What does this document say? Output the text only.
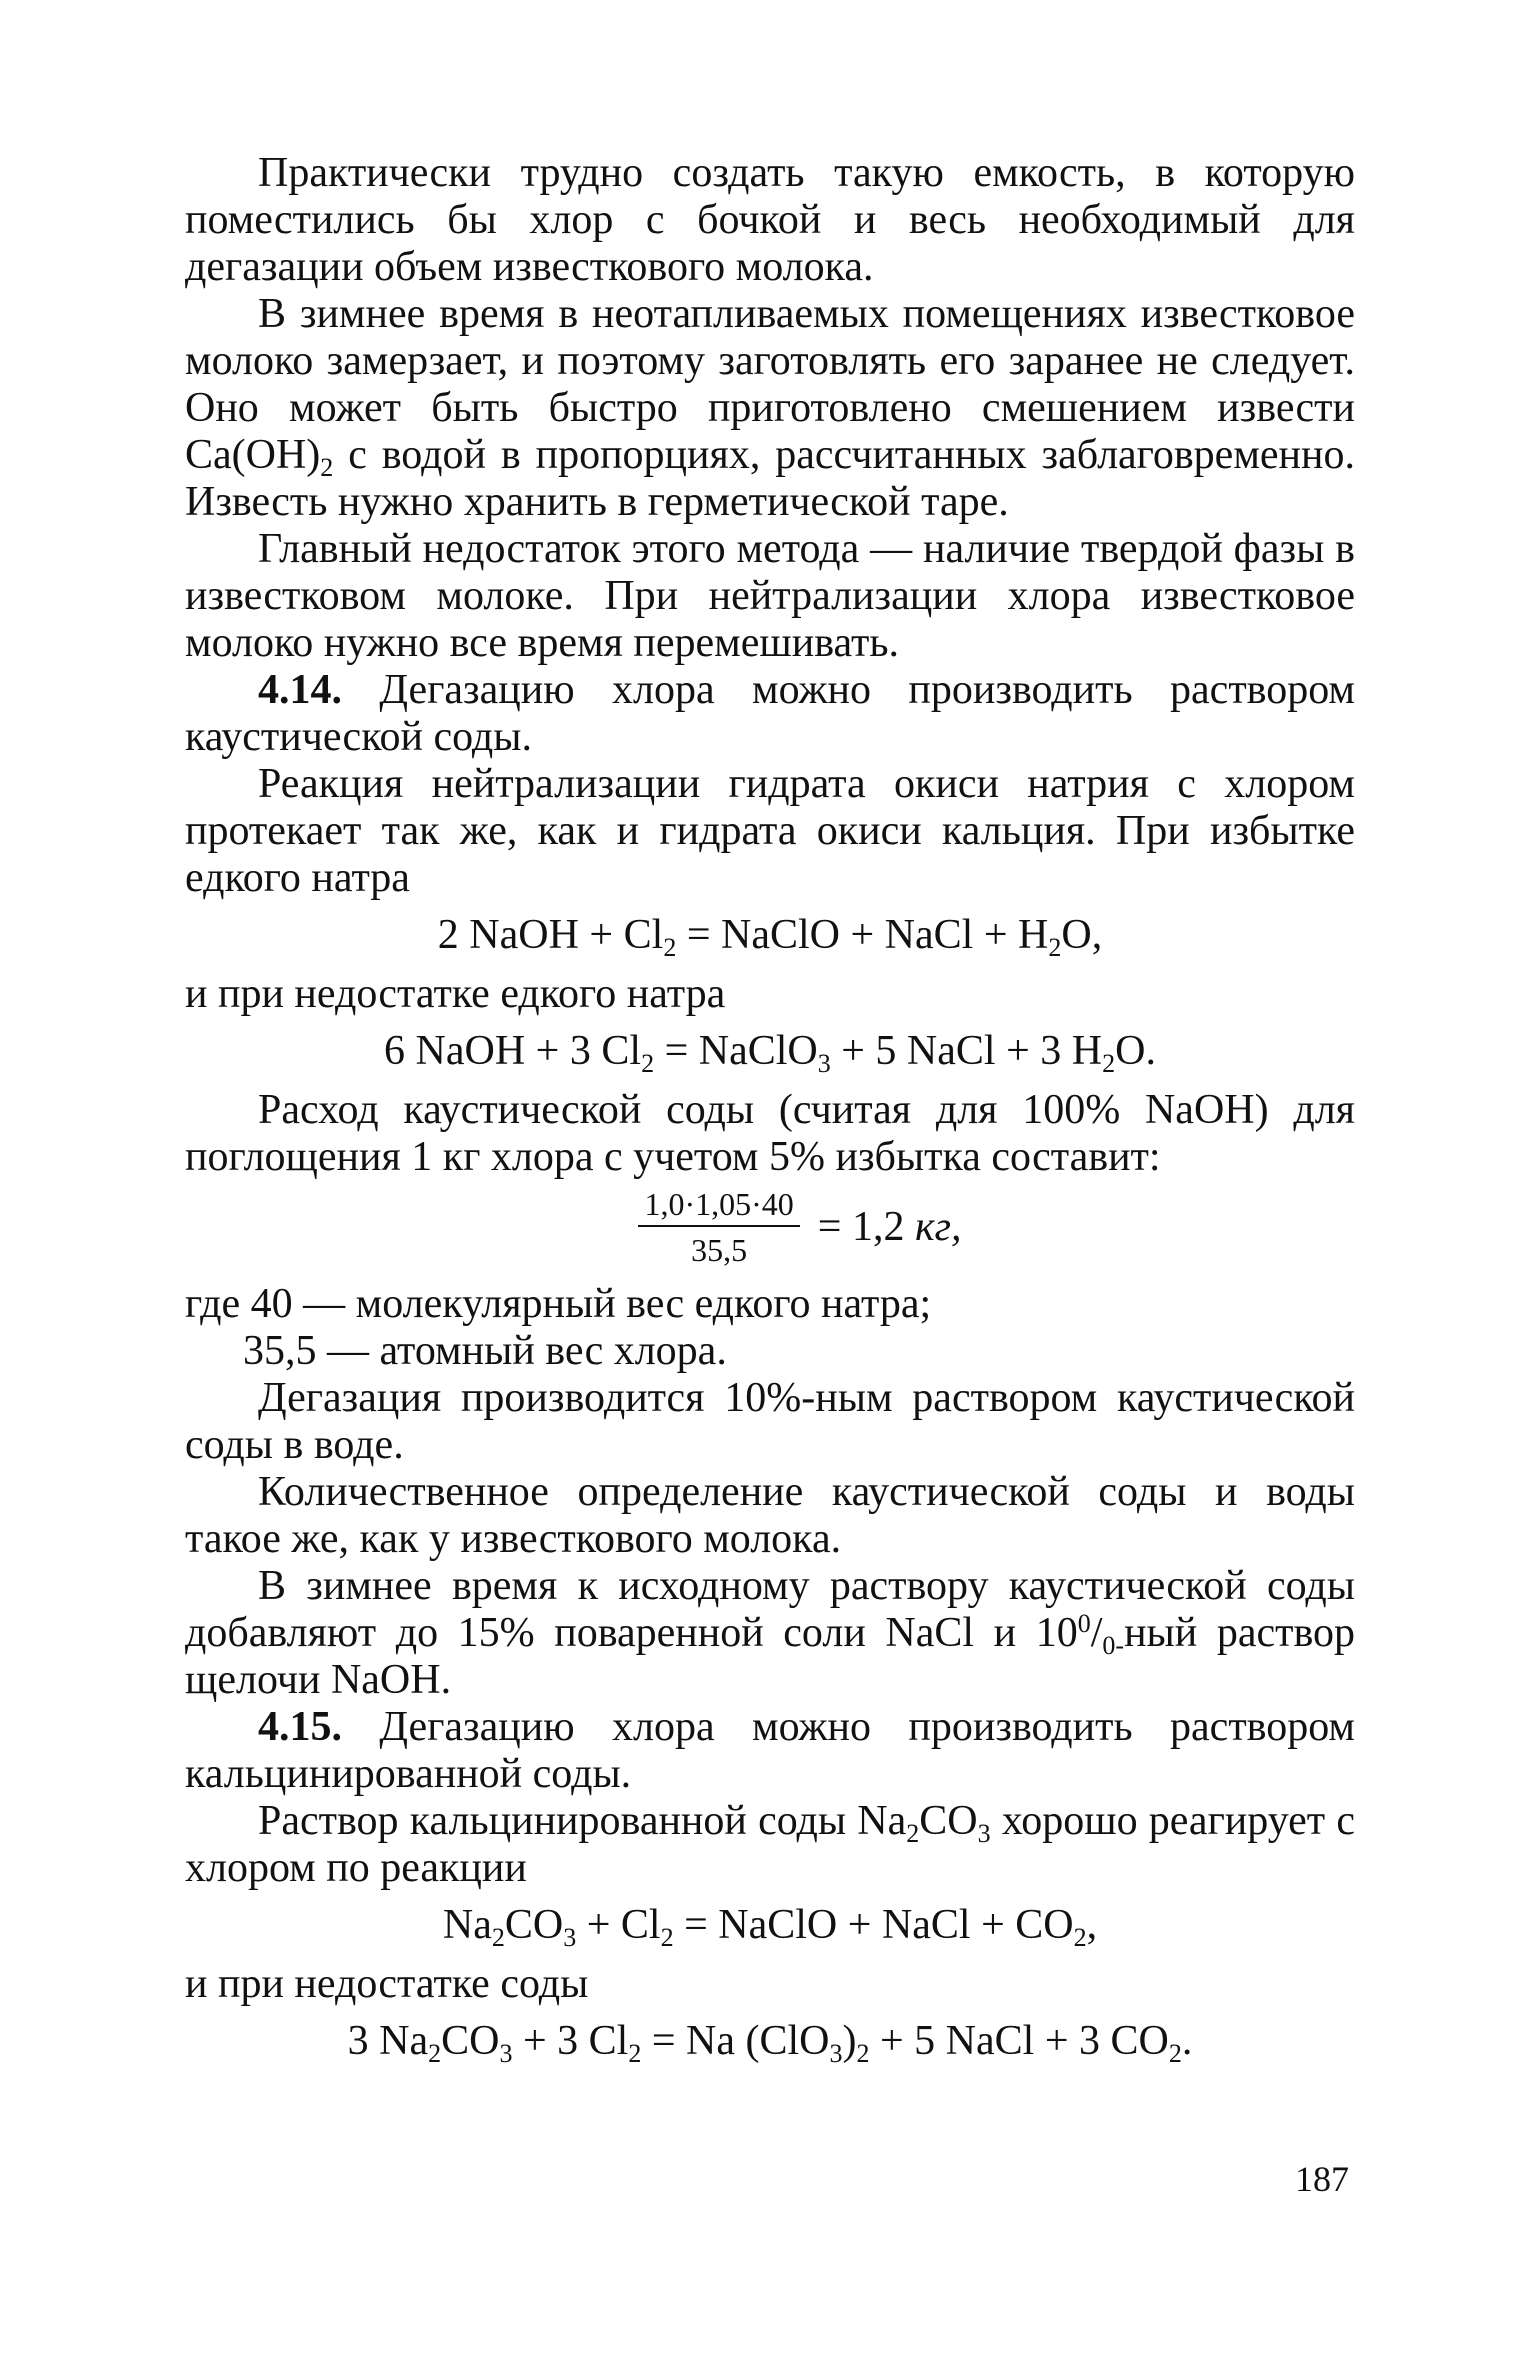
Практически трудно создать такую емкость, в которую поместились бы хлор с бочкой и весь необходимый для дегазации объем известкового молока.

В зимнее время в неотапливаемых помещениях известковое молоко замерзает, и поэтому заготовлять его заранее не следует. Оно может быть быстро приготовлено смешением извести $Ca(OH)_2$ с водой в пропорциях, рассчитанных заблаговременно. Известь нужно хранить в герметической таре.

Главный недостаток этого метода — наличие твердой фазы в известковом молоке. При нейтрализации хлора известковое молоко нужно все время перемешивать.

4.14. Дегазацию хлора можно производить раствором каустической соды.

Реакция нейтрализации гидрата окиси натрия с хлором протекает так же, как и гидрата окиси кальция. При избытке едкого натра

2 NaOH + $Cl_2$ = NaClO + NaCl + $H_2O$,

и при недостатке едкого натра

6 NaOH + 3 $Cl_2$ = NaClO$_3$ + 5 NaCl + 3 $H_2O$.

Расход каустической соды (считая для 100% NaOH) для поглощения 1 кг хлора с учетом 5% избытка составит:

$\frac{1,0\cdot 1,05\cdot 40}{35,5} = 1,2$ кг,

где 40 — молекулярный вес едкого натра;

35,5 — атомный вес хлора.

Дегазация производится 10%-ным раствором каустической соды в воде.

Количественное определение каустической соды и воды такое же, как у известкового молока.

В зимнее время к исходному раствору каустической соды добавляют до 15% поваренной соли NaCl и $10^0/_{0-}ный$ раствор щелочи NaOH.

4.15. Дегазацию хлора можно производить раствором кальцинированной соды.

Раствор кальцинированной соды $Na_2CO_3$ хорошо реагирует с хлором по реакции

$Na_2CO_3 + Cl_2$ = NaClO + NaCl + $CO_2$,

и при недостатке соды

3 $Na_2CO_3 + 3$ $Cl_2 = Na$ $(ClO_3)_2 + 5$ NaCl + 3 $CO_2$.
187
